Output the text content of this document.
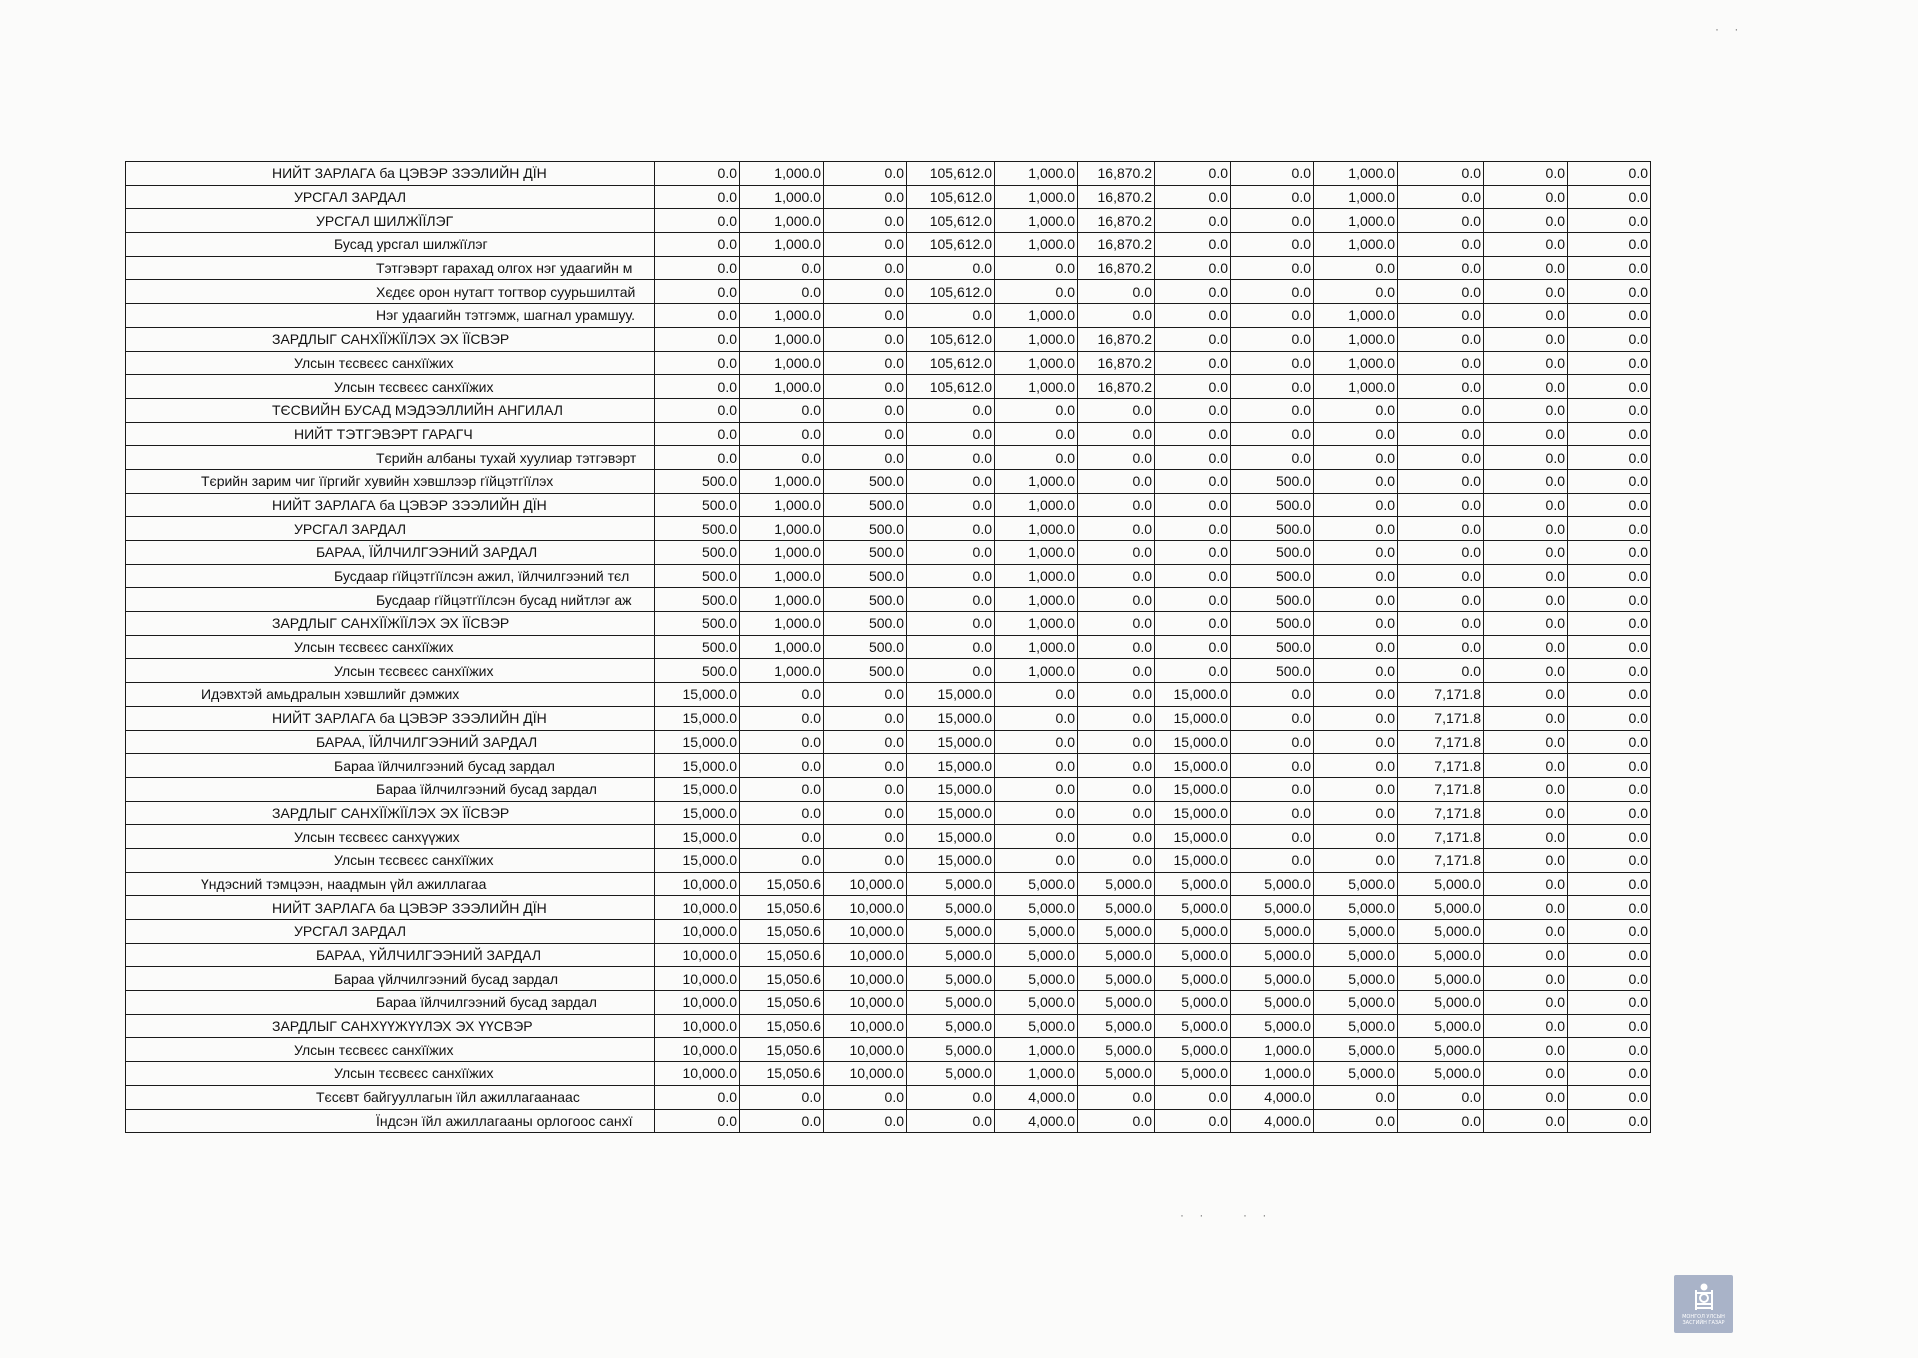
НИЙТ ЗАРЛАГА ба ЦЭВЭР ЗЭЭЛИЙН ДЇН	0.0	1,000.0	0.0	105,612.0	1,000.0	16,870.2	0.0	0.0	1,000.0	0.0	0.0	0.0
УРСГАЛ ЗАРДАЛ	0.0	1,000.0	0.0	105,612.0	1,000.0	16,870.2	0.0	0.0	1,000.0	0.0	0.0	0.0
УРСГАЛ ШИЛЖЇЇЛЭГ	0.0	1,000.0	0.0	105,612.0	1,000.0	16,870.2	0.0	0.0	1,000.0	0.0	0.0	0.0
Бусад урсгал шилжїїлэг	0.0	1,000.0	0.0	105,612.0	1,000.0	16,870.2	0.0	0.0	1,000.0	0.0	0.0	0.0
Тэтгэвэрт гарахад олгох нэг удаагийн м	0.0	0.0	0.0	0.0	0.0	16,870.2	0.0	0.0	0.0	0.0	0.0	0.0
Хєдєє орон нутагт тогтвор суурьшилтай	0.0	0.0	0.0	105,612.0	0.0	0.0	0.0	0.0	0.0	0.0	0.0	0.0
Нэг удаагийн тэтгэмж, шагнал урамшуу.	0.0	1,000.0	0.0	0.0	1,000.0	0.0	0.0	0.0	1,000.0	0.0	0.0	0.0
ЗАРДЛЫГ САНХЇЇЖЇЇЛЭХ ЭХ ЇЇСВЭР	0.0	1,000.0	0.0	105,612.0	1,000.0	16,870.2	0.0	0.0	1,000.0	0.0	0.0	0.0
Улсын тєсвєєс санхїїжих	0.0	1,000.0	0.0	105,612.0	1,000.0	16,870.2	0.0	0.0	1,000.0	0.0	0.0	0.0
Улсын тєсвєєс санхїїжих	0.0	1,000.0	0.0	105,612.0	1,000.0	16,870.2	0.0	0.0	1,000.0	0.0	0.0	0.0
ТЄСВИЙН БУСАД МЭДЭЭЛЛИЙН АНГИЛАЛ	0.0	0.0	0.0	0.0	0.0	0.0	0.0	0.0	0.0	0.0	0.0	0.0
НИЙТ ТЭТГЭВЭРТ ГАРАГЧ	0.0	0.0	0.0	0.0	0.0	0.0	0.0	0.0	0.0	0.0	0.0	0.0
Тєрийн албаны тухай хуулиар тэтгэвэрт	0.0	0.0	0.0	0.0	0.0	0.0	0.0	0.0	0.0	0.0	0.0	0.0
Тєрийн зарим чиг їїргийг хувийн хэвшлээр гїйцэтгїїлэх	500.0	1,000.0	500.0	0.0	1,000.0	0.0	0.0	500.0	0.0	0.0	0.0	0.0
НИЙТ ЗАРЛАГА ба ЦЭВЭР ЗЭЭЛИЙН ДЇН	500.0	1,000.0	500.0	0.0	1,000.0	0.0	0.0	500.0	0.0	0.0	0.0	0.0
УРСГАЛ ЗАРДАЛ	500.0	1,000.0	500.0	0.0	1,000.0	0.0	0.0	500.0	0.0	0.0	0.0	0.0
БАРАА, ЇЙЛЧИЛГЭЭНИЙ ЗАРДАЛ	500.0	1,000.0	500.0	0.0	1,000.0	0.0	0.0	500.0	0.0	0.0	0.0	0.0
Бусдаар гїйцэтгїїлсэн ажил, їйлчилгээний тєл	500.0	1,000.0	500.0	0.0	1,000.0	0.0	0.0	500.0	0.0	0.0	0.0	0.0
Бусдаар гїйцэтгїїлсэн бусад нийтлэг аж	500.0	1,000.0	500.0	0.0	1,000.0	0.0	0.0	500.0	0.0	0.0	0.0	0.0
ЗАРДЛЫГ САНХЇЇЖЇЇЛЭХ ЭХ ЇЇСВЭР	500.0	1,000.0	500.0	0.0	1,000.0	0.0	0.0	500.0	0.0	0.0	0.0	0.0
Улсын тєсвєєс санхїїжих	500.0	1,000.0	500.0	0.0	1,000.0	0.0	0.0	500.0	0.0	0.0	0.0	0.0
Улсын тєсвєєс санхїїжих	500.0	1,000.0	500.0	0.0	1,000.0	0.0	0.0	500.0	0.0	0.0	0.0	0.0
Идэвхтэй амьдралын хэвшлийг дэмжих	15,000.0	0.0	0.0	15,000.0	0.0	0.0	15,000.0	0.0	0.0	7,171.8	0.0	0.0
НИЙТ ЗАРЛАГА ба ЦЭВЭР ЗЭЭЛИЙН ДЇН	15,000.0	0.0	0.0	15,000.0	0.0	0.0	15,000.0	0.0	0.0	7,171.8	0.0	0.0
БАРАА, ЇЙЛЧИЛГЭЭНИЙ ЗАРДАЛ	15,000.0	0.0	0.0	15,000.0	0.0	0.0	15,000.0	0.0	0.0	7,171.8	0.0	0.0
Бараа їйлчилгээний бусад зардал	15,000.0	0.0	0.0	15,000.0	0.0	0.0	15,000.0	0.0	0.0	7,171.8	0.0	0.0
Бараа їйлчилгээний бусад зардал	15,000.0	0.0	0.0	15,000.0	0.0	0.0	15,000.0	0.0	0.0	7,171.8	0.0	0.0
ЗАРДЛЫГ САНХЇЇЖЇЇЛЭХ ЭХ ЇЇСВЭР	15,000.0	0.0	0.0	15,000.0	0.0	0.0	15,000.0	0.0	0.0	7,171.8	0.0	0.0
Улсын тєсвєєс санхүүжих	15,000.0	0.0	0.0	15,000.0	0.0	0.0	15,000.0	0.0	0.0	7,171.8	0.0	0.0
Улсын тєсвєєс санхїїжих	15,000.0	0.0	0.0	15,000.0	0.0	0.0	15,000.0	0.0	0.0	7,171.8	0.0	0.0
Үндэсний тэмцээн, наадмын үйл ажиллагаа	10,000.0	15,050.6	10,000.0	5,000.0	5,000.0	5,000.0	5,000.0	5,000.0	5,000.0	5,000.0	0.0	0.0
НИЙТ ЗАРЛАГА ба ЦЭВЭР ЗЭЭЛИЙН ДЇН	10,000.0	15,050.6	10,000.0	5,000.0	5,000.0	5,000.0	5,000.0	5,000.0	5,000.0	5,000.0	0.0	0.0
УРСГАЛ ЗАРДАЛ	10,000.0	15,050.6	10,000.0	5,000.0	5,000.0	5,000.0	5,000.0	5,000.0	5,000.0	5,000.0	0.0	0.0
БАРАА, ҮЙЛЧИЛГЭЭНИЙ ЗАРДАЛ	10,000.0	15,050.6	10,000.0	5,000.0	5,000.0	5,000.0	5,000.0	5,000.0	5,000.0	5,000.0	0.0	0.0
Бараа үйлчилгээний бусад зардал	10,000.0	15,050.6	10,000.0	5,000.0	5,000.0	5,000.0	5,000.0	5,000.0	5,000.0	5,000.0	0.0	0.0
Бараа їйлчилгээний бусад зардал	10,000.0	15,050.6	10,000.0	5,000.0	5,000.0	5,000.0	5,000.0	5,000.0	5,000.0	5,000.0	0.0	0.0
ЗАРДЛЫГ САНХҮҮЖҮҮЛЭХ ЭХ ҮҮСВЭР	10,000.0	15,050.6	10,000.0	5,000.0	5,000.0	5,000.0	5,000.0	5,000.0	5,000.0	5,000.0	0.0	0.0
Улсын тєсвєєс санхїїжих	10,000.0	15,050.6	10,000.0	5,000.0	1,000.0	5,000.0	5,000.0	1,000.0	5,000.0	5,000.0	0.0	0.0
Улсын тєсвєєс санхїїжих	10,000.0	15,050.6	10,000.0	5,000.0	1,000.0	5,000.0	5,000.0	1,000.0	5,000.0	5,000.0	0.0	0.0
Тєсєвт байгууллагын їйл ажиллагаанаас	0.0	0.0	0.0	0.0	4,000.0	0.0	0.0	4,000.0	0.0	0.0	0.0	0.0
Їндсэн їйл ажиллагааны орлогоос санхї	0.0	0.0	0.0	0.0	4,000.0	0.0	0.0	4,000.0	0.0	0.0	0.0	0.0
· ·	· ·
· ·
МОНГОЛ УЛСЫН
ЗАСГИЙН ГАЗАР
